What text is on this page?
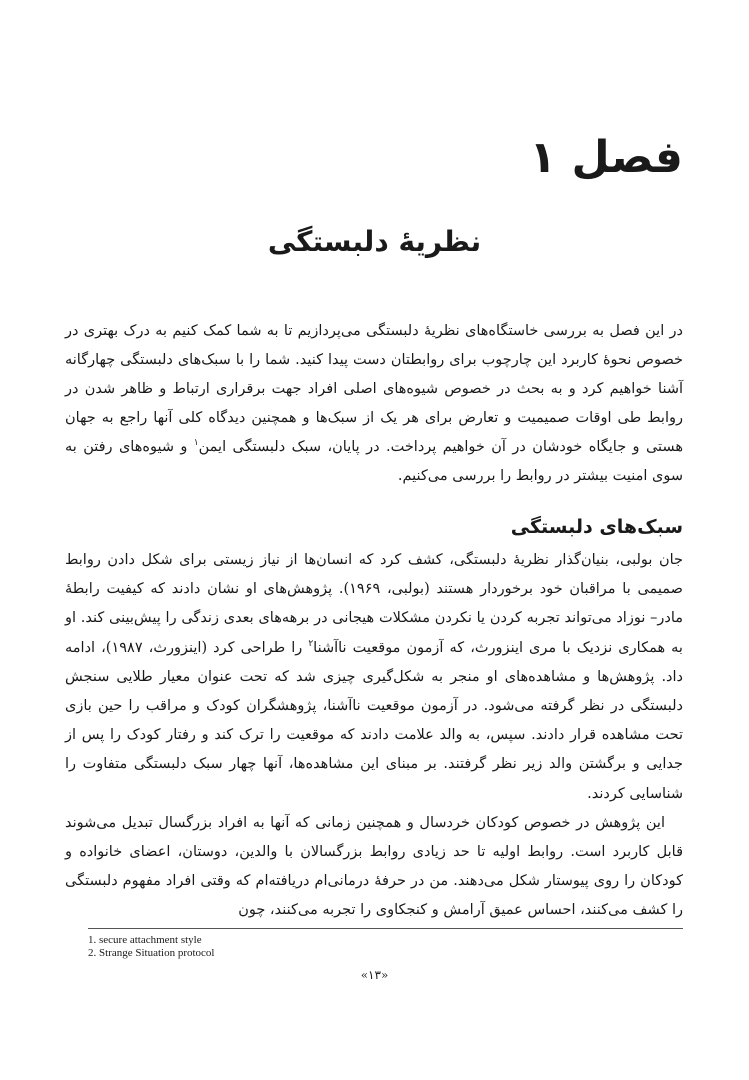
فصل ۱
نظریهٔ دلبستگی
در این فصل به بررسی خاستگاه‌های نظریهٔ دلبستگی می‌پردازیم تا به شما کمک کنیم به درک بهتری در خصوص نحوهٔ کاربرد این چارچوب برای روابطتان دست پیدا کنید. شما را با سبک‌های دلبستگی چهارگانه آشنا خواهیم کرد و به بحث در خصوص شیوه‌های اصلی افراد جهت برقراری ارتباط و ظاهر شدن در روابط طی اوقات صمیمیت و تعارض برای هر یک از سبک‌ها و همچنین دیدگاه کلی آنها راجع به جهان هستی و جایگاه خودشان در آن خواهیم پرداخت. در پایان، سبک دلبستگی ایمن$^۱$ و شیوه‌های رفتن به سوی امنیت بیشتر در روابط را بررسی می‌کنیم.
سبک‌های دلبستگی

جان بولبی، بنیان‌گذار نظریهٔ دلبستگی، کشف کرد که انسان‌ها از نیاز زیستی برای شکل دادن روابط صمیمی با مراقبان خود برخوردار هستند (بولبی، ۱۹۶۹). پژوهش‌های او نشان دادند که کیفیت رابطهٔ مادر– نوزاد می‌تواند تجربه کردن یا نکردن مشکلات هیجانی در برهه‌های بعدی زندگی را پیش‌بینی کند. او به همکاری نزدیک با مری اینزورث، که آزمون موقعیت ناآشنا$^۲$ را طراحی کرد (اینزورث، ۱۹۸۷)، ادامه داد. پژوهش‌ها و مشاهده‌های او منجر به شکل‌گیری چیزی شد که تحت عنوان معیار طلایی سنجش دلبستگی در نظر گرفته می‌شود. در آزمون موقعیت ناآشنا، پژوهشگران کودک و مراقب را حین بازی تحت مشاهده قرار دادند. سپس، به والد علامت دادند که موقعیت را ترک کند و رفتار کودک را پس از جدایی و برگشتن والد زیر نظر گرفتند. بر مبنای این مشاهده‌ها، آنها چهار سبک دلبستگی متفاوت را شناسایی کردند.

این پژوهش در خصوص کودکان خردسال و همچنین زمانی که آنها به افراد بزرگسال تبدیل می‌شوند قابل کاربرد است. روابط اولیه تا حد زیادی روابط بزرگسالان با والدین، دوستان، اعضای خانواده و کودکان را روی پیوستار شکل می‌دهند. من در حرفهٔ درمانی‌ام دریافته‌ام که وقتی افراد مفهوم دلبستگی را کشف می‌کنند، احساس عمیق آرامش و کنجکاوی را تجربه می‌کنند، چون

1. secure attachment style
2. Strange Situation protocol
«۱۳»
